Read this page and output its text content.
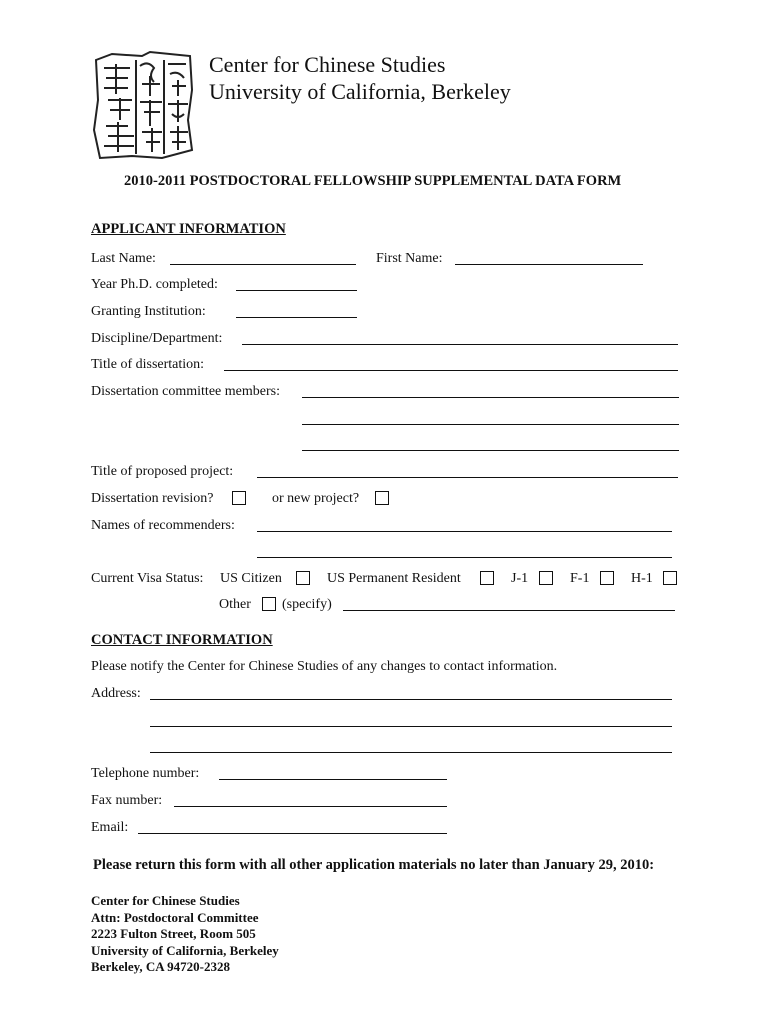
Center for Chinese Studies
University of California, Berkeley
2010-2011 POSTDOCTORAL FELLOWSHIP SUPPLEMENTAL DATA FORM
APPLICANT INFORMATION
Last Name:	First Name:
Year Ph.D. completed:
Granting Institution:
Discipline/Department:
Title of dissertation:
Dissertation committee members:
Title of proposed project:
Dissertation revision?	or new project?
Names of recommenders:
Current Visa Status: US Citizen	US Permanent Resident	J-1	F-1	H-1
Other (specify)
CONTACT INFORMATION
Please notify the Center for Chinese Studies of any changes to contact information.
Address:
Telephone number:
Fax number:
Email:
Please return this form with all other application materials no later than January 29, 2010:
Center for Chinese Studies
Attn: Postdoctoral Committee
2223 Fulton Street, Room 505
University of California, Berkeley
Berkeley, CA 94720-2328
